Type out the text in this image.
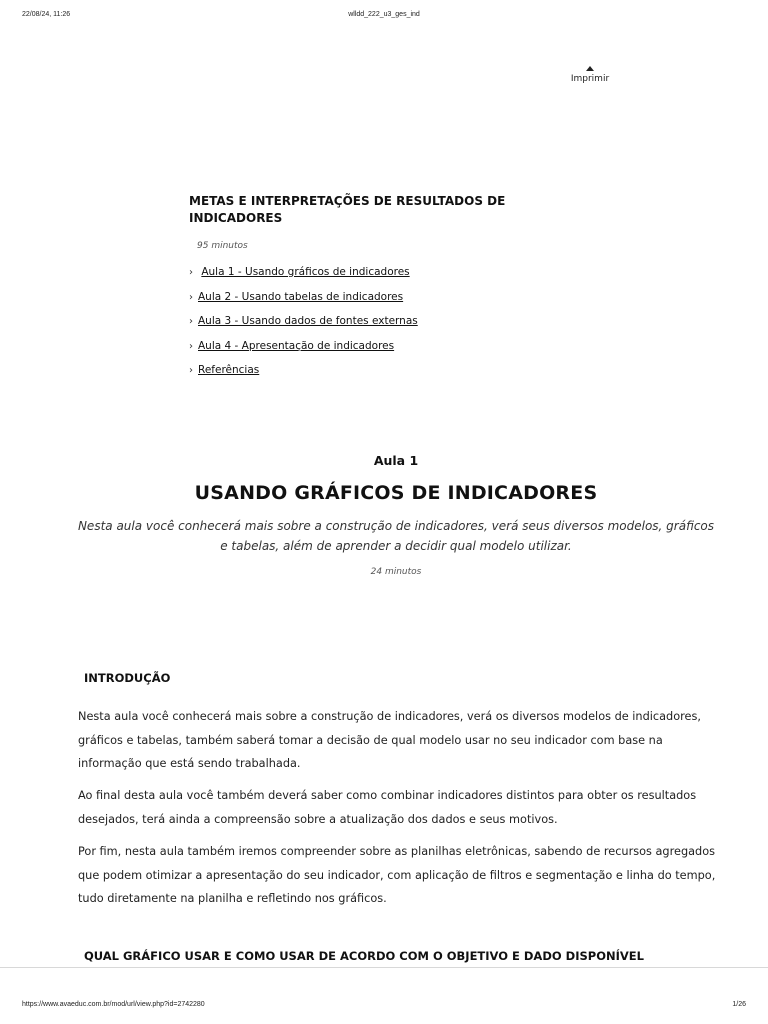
22/08/24, 11:26	wlldd_222_u3_ges_ind
Imprimir
METAS E INTERPRETAÇÕES DE RESULTADOS DE INDICADORES
95 minutos
› Aula 1 - Usando gráficos de indicadores
› Aula 2 - Usando tabelas de indicadores
› Aula 3 - Usando dados de fontes externas
› Aula 4 - Apresentação de indicadores
› Referências
Aula 1
USANDO GRÁFICOS DE INDICADORES
Nesta aula você conhecerá mais sobre a construção de indicadores, verá seus diversos modelos, gráficos e tabelas, além de aprender a decidir qual modelo utilizar.
24 minutos
INTRODUÇÃO

Nesta aula você conhecerá mais sobre a construção de indicadores, verá os diversos modelos de indicadores, gráficos e tabelas, também saberá tomar a decisão de qual modelo usar no seu indicador com base na informação que está sendo trabalhada.

Ao final desta aula você também deverá saber como combinar indicadores distintos para obter os resultados desejados, terá ainda a compreensão sobre a atualização dos dados e seus motivos.

Por fim, nesta aula também iremos compreender sobre as planilhas eletrônicas, sabendo de recursos agregados que podem otimizar a apresentação do seu indicador, com aplicação de filtros e segmentação e linha do tempo, tudo diretamente na planilha e refletindo nos gráficos.

QUAL GRÁFICO USAR E COMO USAR DE ACORDO COM O OBJETIVO E DADO DISPONÍVEL
https://www.avaeduc.com.br/mod/url/view.php?id=2742280	1/26
